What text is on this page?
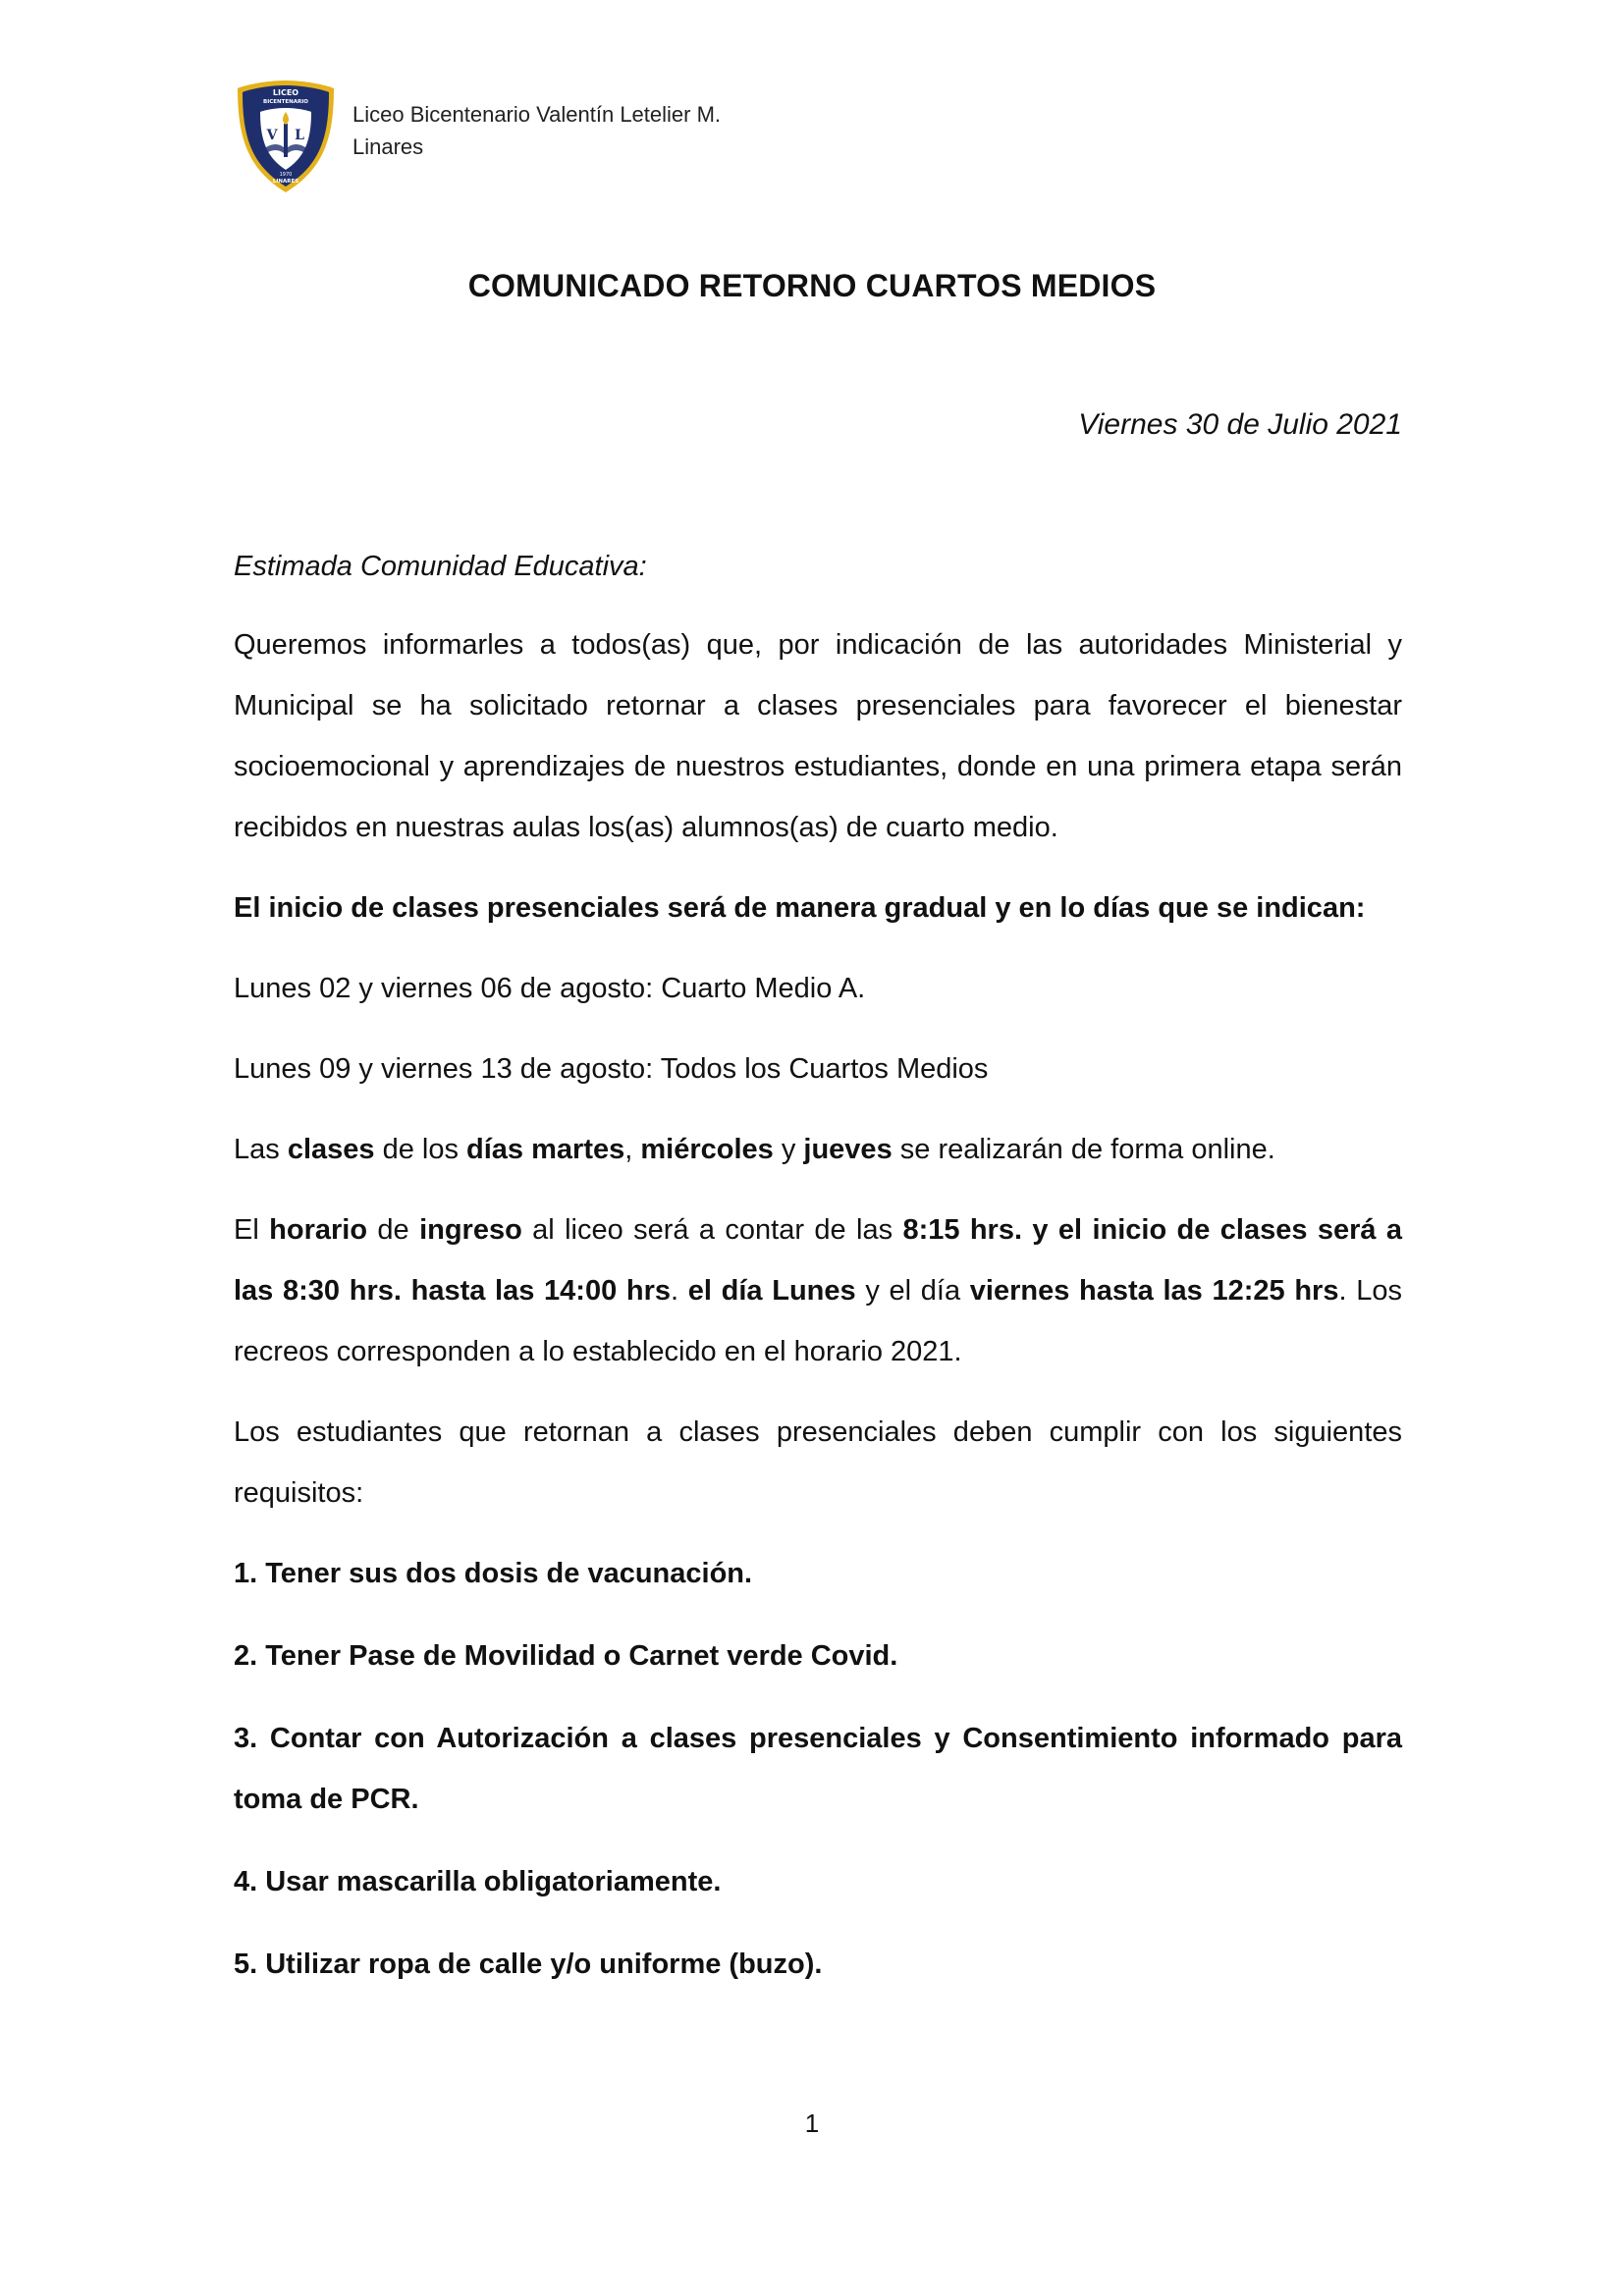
V L
LICEO
BICENTENARIO
1970
LINARES
Liceo Bicentenario Valentín Letelier M.
Linares
COMUNICADO RETORNO CUARTOS MEDIOS
Viernes 30 de Julio 2021

Estimada Comunidad Educativa:

Queremos informarles a todos(as) que, por indicación de las autoridades Ministerial y Municipal se ha solicitado retornar a clases presenciales para favorecer el bienestar socioemocional y aprendizajes de nuestros estudiantes, donde en una primera etapa serán recibidos en nuestras aulas los(as) alumnos(as) de cuarto medio.

El inicio de clases presenciales será de manera gradual y en lo días que se indican:

Lunes 02 y viernes 06 de agosto: Cuarto Medio A.

Lunes 09 y viernes 13 de agosto: Todos los Cuartos Medios

Las clases de los días martes, miércoles y jueves se realizarán de forma online.

El horario de ingreso al liceo será a contar de las 8:15 hrs. y el inicio de clases será a las 8:30 hrs. hasta las 14:00 hrs. el día Lunes y el día viernes hasta las 12:25 hrs. Los recreos corresponden a lo establecido en el horario 2021.

Los estudiantes que retornan a clases presenciales deben cumplir con los siguientes requisitos:

1. Tener sus dos dosis de vacunación.
2. Tener Pase de Movilidad o Carnet verde Covid.
3. Contar con Autorización a clases presenciales y Consentimiento informado para toma de PCR.
4. Usar mascarilla obligatoriamente.
5. Utilizar ropa de calle y/o uniforme (buzo).
1
